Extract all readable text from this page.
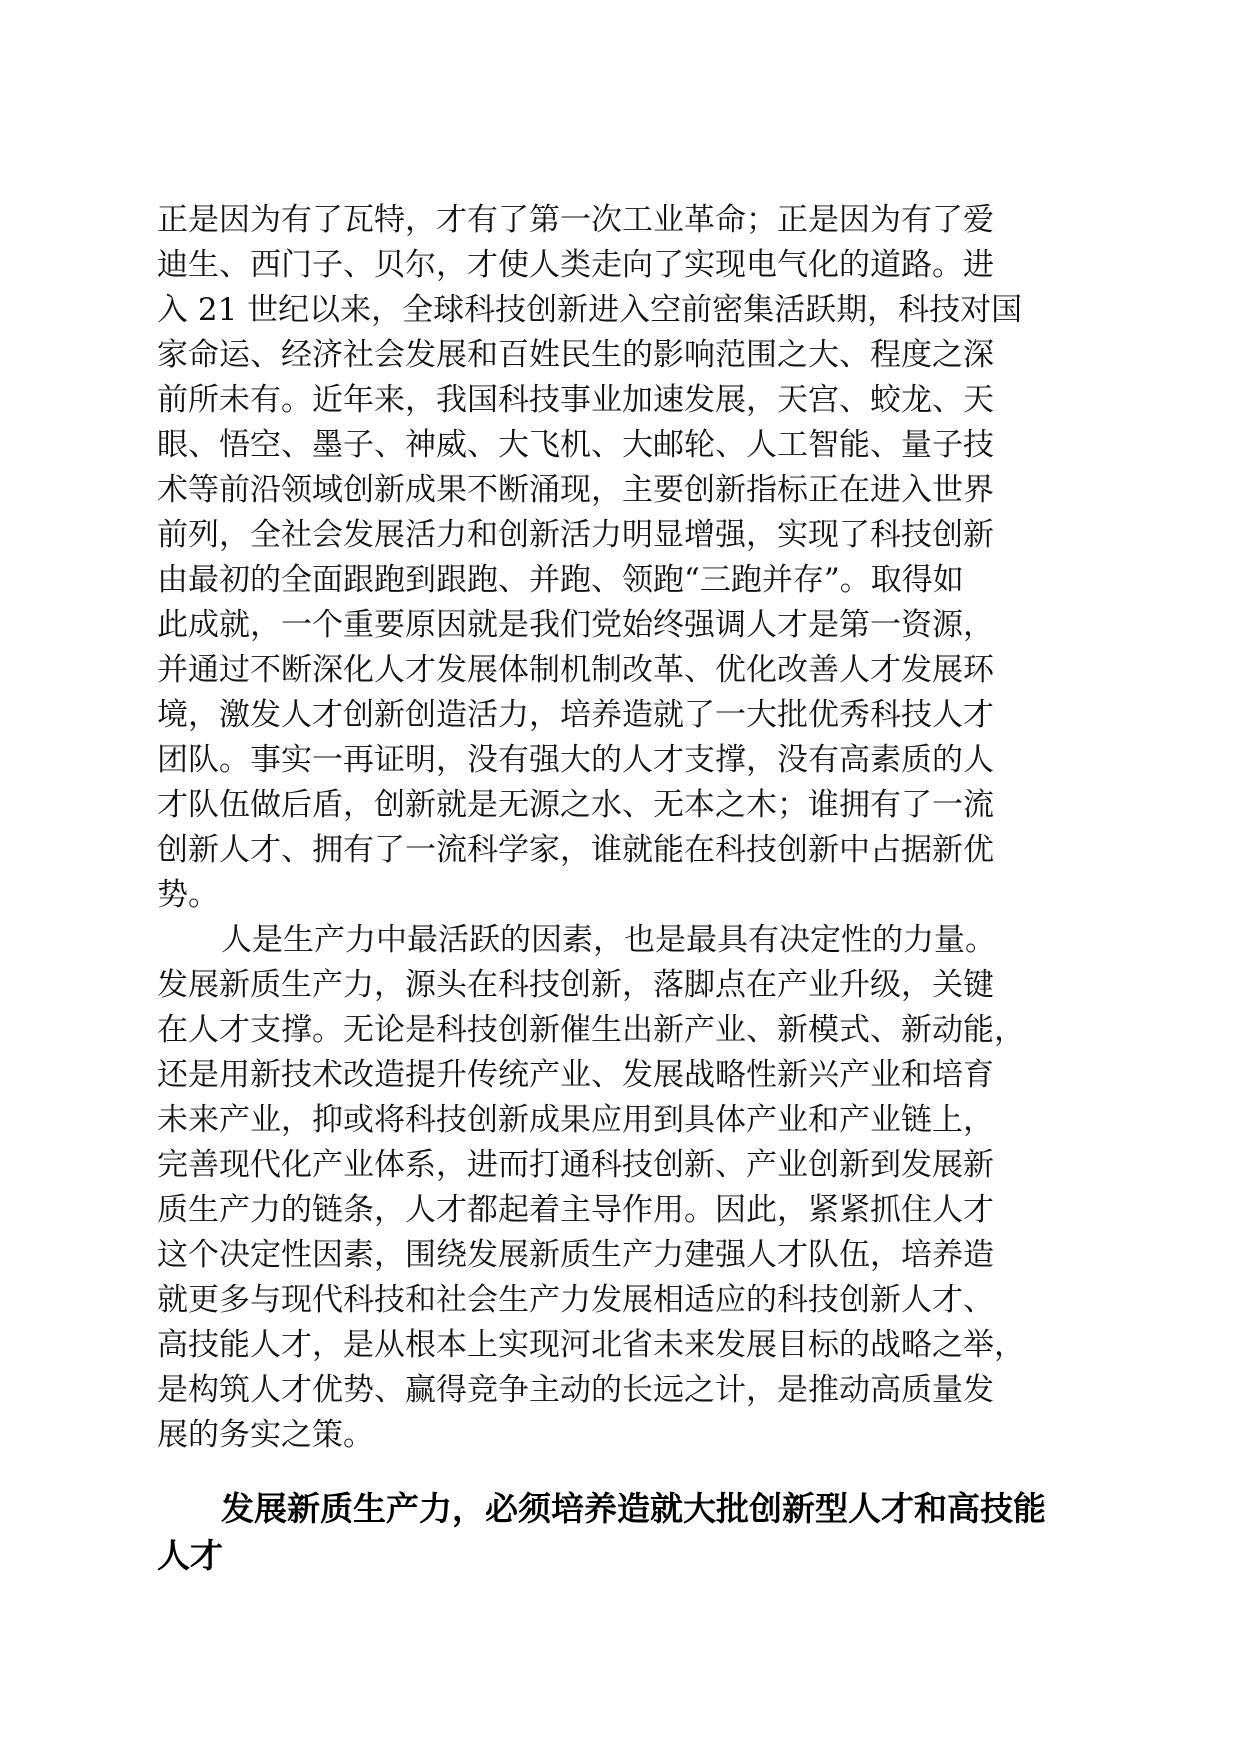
正是因为有了瓦特，才有了第一次工业革命；正是因为有了爱
迪生、西门子、贝尔，才使人类走向了实现电气化的道路。进
入 21 世纪以来，全球科技创新进入空前密集活跃期，科技对国
家命运、经济社会发展和百姓民生的影响范围之大、程度之深
前所未有。近年来，我国科技事业加速发展，天宫、蛟龙、天
眼、悟空、墨子、神威、大飞机、大邮轮、人工智能、量子技
术等前沿领域创新成果不断涌现，主要创新指标正在进入世界
前列，全社会发展活力和创新活力明显增强，实现了科技创新
由最初的全面跟跑到跟跑、并跑、领跑“三跑并存”。取得如
此成就，一个重要原因就是我们党始终强调人才是第一资源，
并通过不断深化人才发展体制机制改革、优化改善人才发展环
境，激发人才创新创造活力，培养造就了一大批优秀科技人才
团队。事实一再证明，没有强大的人才支撑，没有高素质的人
才队伍做后盾，创新就是无源之水、无本之木；谁拥有了一流
创新人才、拥有了一流科学家，谁就能在科技创新中占据新优
势。
人是生产力中最活跃的因素，也是最具有决定性的力量。
发展新质生产力，源头在科技创新，落脚点在产业升级，关键
在人才支撑。无论是科技创新催生出新产业、新模式、新动能，
还是用新技术改造提升传统产业、发展战略性新兴产业和培育
未来产业，抑或将科技创新成果应用到具体产业和产业链上，
完善现代化产业体系，进而打通科技创新、产业创新到发展新
质生产力的链条，人才都起着主导作用。因此，紧紧抓住人才
这个决定性因素，围绕发展新质生产力建强人才队伍，培养造
就更多与现代科技和社会生产力发展相适应的科技创新人才、
高技能人才，是从根本上实现河北省未来发展目标的战略之举，
是构筑人才优势、赢得竞争主动的长远之计，是推动高质量发
展的务实之策。
发展新质生产力，必须培养造就大批创新型人才和高技能
人才
